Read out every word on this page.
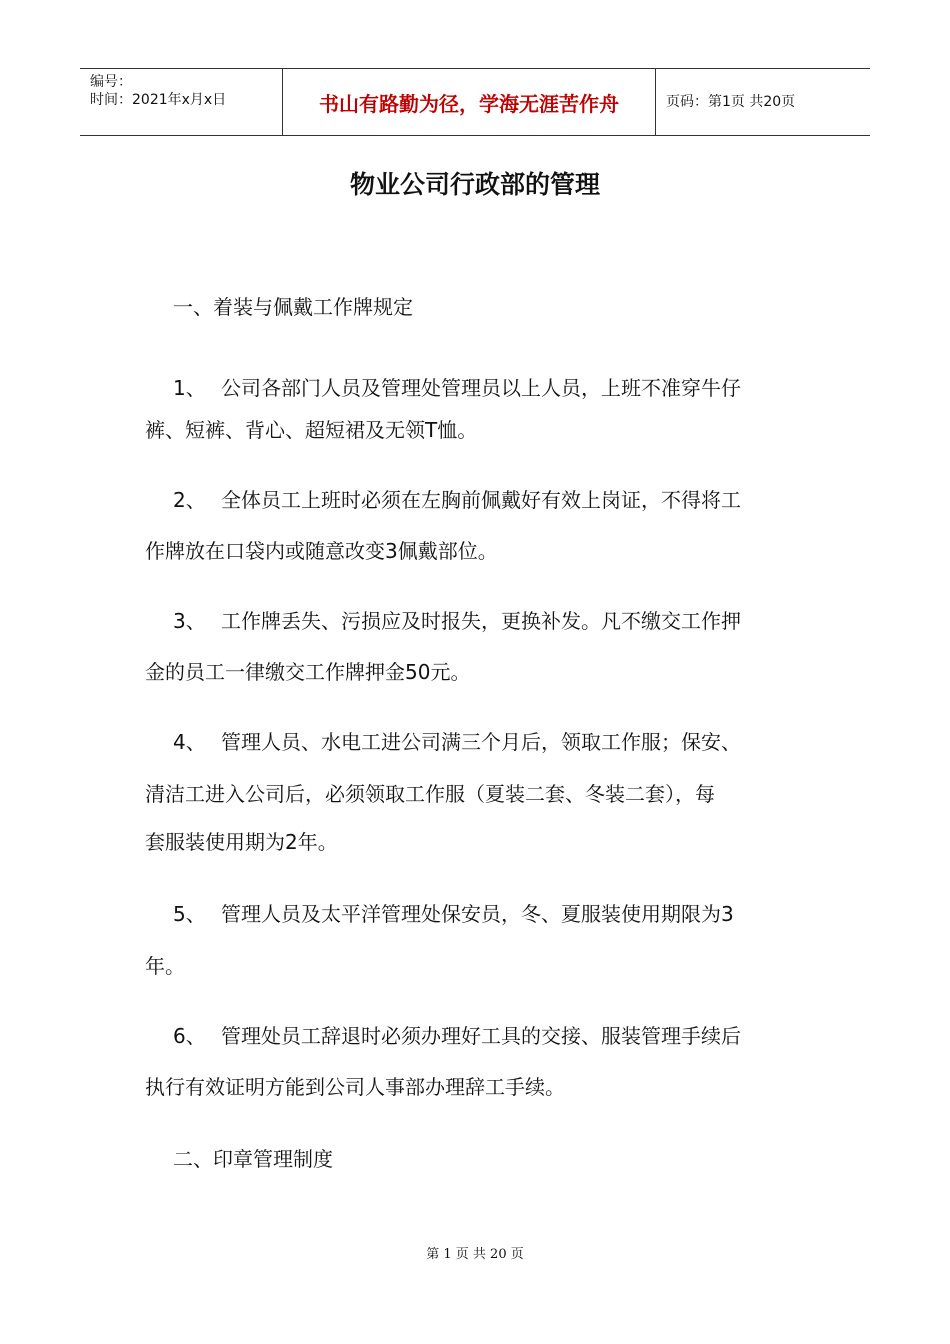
编号：
时间：2021年x月x日	书山有路勤为径，学海无涯苦作舟	页码：第1页 共20页
物业公司行政部的管理
一、着装与佩戴工作牌规定
1、 公司各部门人员及管理处管理员以上人员，上班不准穿牛仔
裤、短裤、背心、超短裙及无领T恤。
2、 全体员工上班时必须在左胸前佩戴好有效上岗证，不得将工
作牌放在口袋内或随意改变3佩戴部位。
3、 工作牌丢失、污损应及时报失，更换补发。凡不缴交工作押
金的员工一律缴交工作牌押金50元。
4、 管理人员、水电工进公司满三个月后，领取工作服；保安、
清洁工进入公司后，必须领取工作服（夏装二套、冬装二套），每
套服装使用期为2年。
5、 管理人员及太平洋管理处保安员，冬、夏服装使用期限为3
年。
6、 管理处员工辞退时必须办理好工具的交接、服装管理手续后
执行有效证明方能到公司人事部办理辞工手续。
二、印章管理制度
第 1 页 共 20 页
